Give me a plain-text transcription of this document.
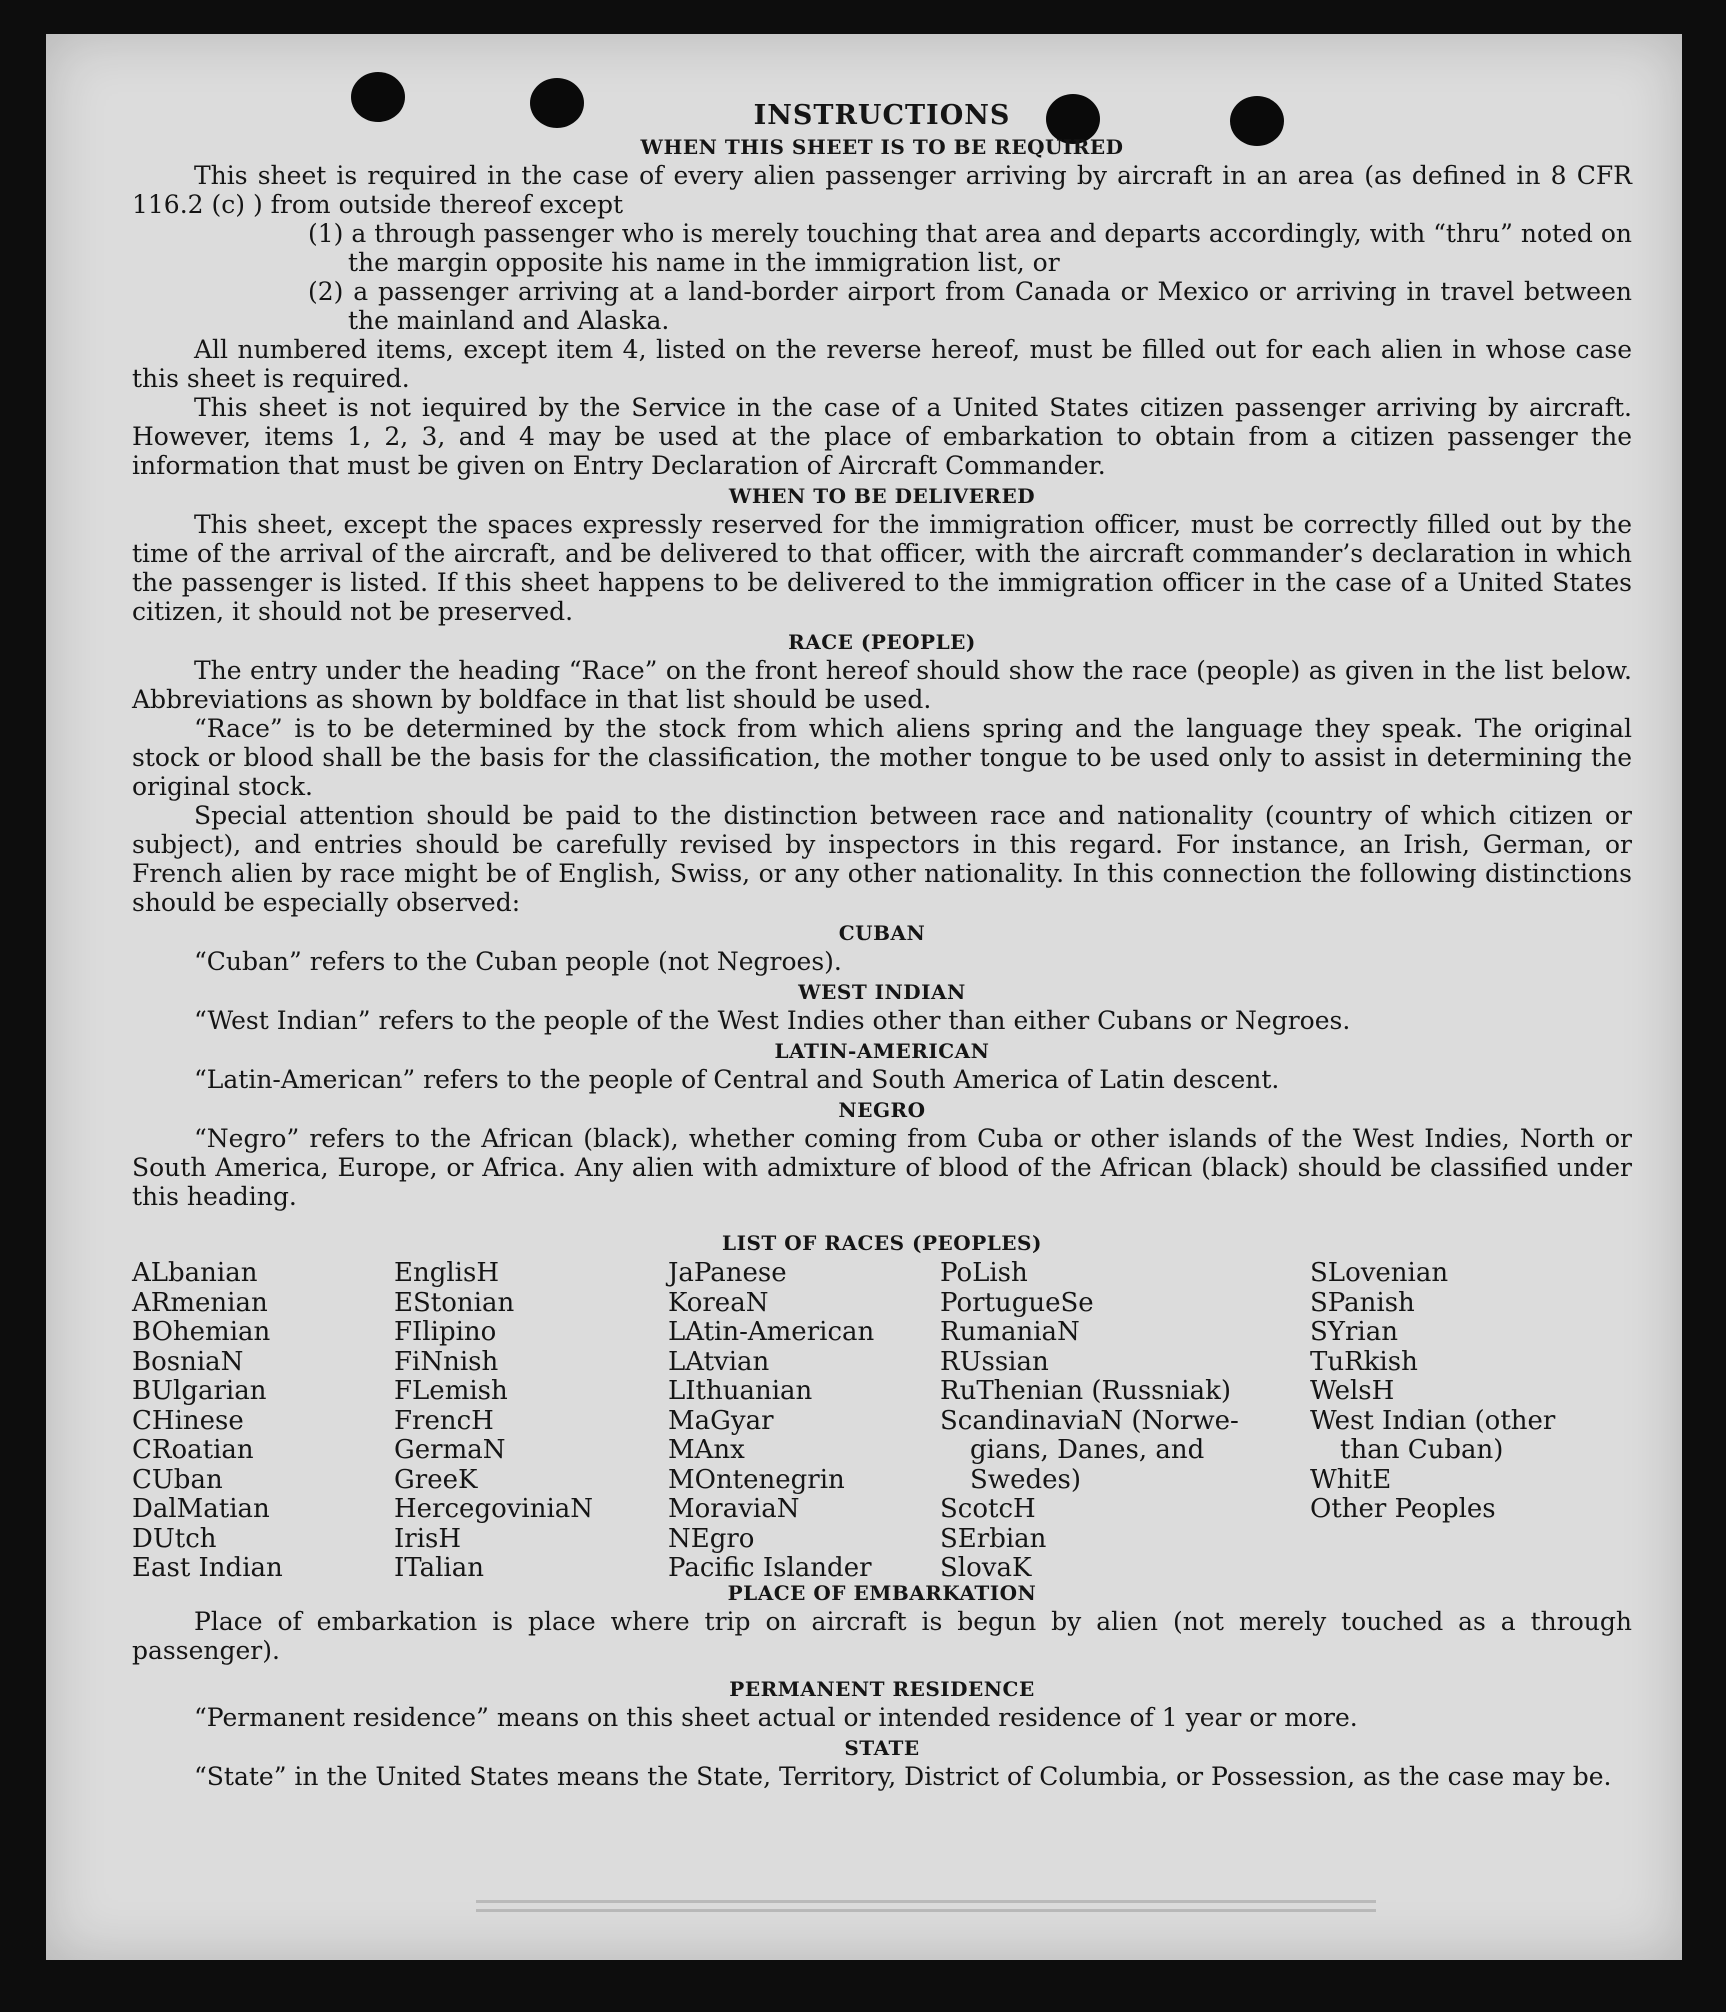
INSTRUCTIONS
WHEN THIS SHEET IS TO BE REQUIRED

This sheet is required in the case of every alien passenger arriving by aircraft in an area (as defined in 8 CFR 116.2 (c) ) from outside thereof except

(1) a through passenger who is merely touching that area and departs accordingly, with “thru” noted on the margin opposite his name in the immigration list, or

(2) a passenger arriving at a land-border airport from Canada or Mexico or arriving in travel between the mainland and Alaska.

All numbered items, except item 4, listed on the reverse hereof, must be filled out for each alien in whose case this sheet is required.

This sheet is not iequired by the Service in the case of a United States citizen passenger arriving by aircraft. However, items 1, 2, 3, and 4 may be used at the place of embarkation to obtain from a citizen passenger the information that must be given on Entry Declaration of Aircraft Commander.

WHEN TO BE DELIVERED

This sheet, except the spaces expressly reserved for the immigration officer, must be correctly filled out by the time of the arrival of the aircraft, and be delivered to that officer, with the aircraft commander’s declaration in which the passenger is listed. If this sheet happens to be delivered to the immigration officer in the case of a United States citizen, it should not be preserved.

RACE (PEOPLE)

The entry under the heading “Race” on the front hereof should show the race (people) as given in the list below. Abbreviations as shown by boldface in that list should be used.

“Race” is to be determined by the stock from which aliens spring and the language they speak. The original stock or blood shall be the basis for the classification, the mother tongue to be used only to assist in determining the original stock.

Special attention should be paid to the distinction between race and nationality (country of which citizen or subject), and entries should be carefully revised by inspectors in this regard. For instance, an Irish, German, or French alien by race might be of English, Swiss, or any other nationality. In this connection the following distinctions should be especially observed:

CUBAN

“Cuban” refers to the Cuban people (not Negroes).

WEST INDIAN

“West Indian” refers to the people of the West Indies other than either Cubans or Negroes.

LATIN-AMERICAN

“Latin-American” refers to the people of Central and South America of Latin descent.

NEGRO

“Negro” refers to the African (black), whether coming from Cuba or other islands of the West Indies, North or South America, Europe, or Africa. Any alien with admixture of blood of the African (black) should be classified under this heading.

LIST OF RACES (PEOPLES)
ALbanian
ARmenian
BOhemian
BosniaN
BUlgarian
CHinese
CRoatian
CUban
DalMatian
DUtch
East Indian
EnglisH
EStonian
FIlipino
FiNnish
FLemish
FrencH
GermaN
GreeK
HercegoviniaN
IrisH
ITalian
JaPanese
KoreaN
LAtin-American
LAtvian
LIthuanian
MaGyar
MAnx
MOntenegrin
MoraviaN
NEgro
Pacific Islander
PoLish
PortugueSe
RumaniaN
RUssian
RuThenian (Russniak)
ScandinaviaN (Norwe-
gians, Danes, and
Swedes)
ScotcH
SErbian
SlovaK
SLovenian
SPanish
SYrian
TuRkish
WelsH
West Indian (other
than Cuban)
WhitE
Other Peoples
PLACE OF EMBARKATION

Place of embarkation is place where trip on aircraft is begun by alien (not merely touched as a through passenger).

PERMANENT RESIDENCE

“Permanent residence” means on this sheet actual or intended residence of 1 year or more.

STATE

“State” in the United States means the State, Territory, District of Columbia, or Possession, as the case may be.
